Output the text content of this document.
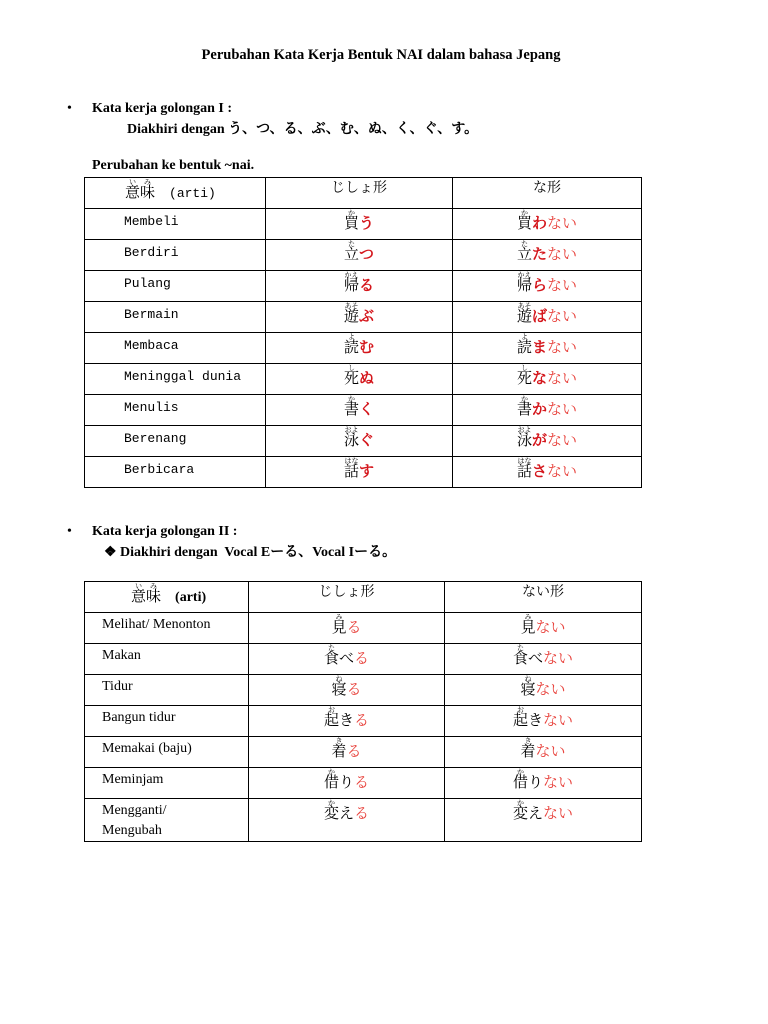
Perubahan Kata Kerja Bentuk NAI dalam bahasa Jepang
• Kata kerja golongan I :
Diakhiri dengan う、つ、る、ぶ、む、ぬ、く、ぐ、す。
Perubahan ke bentuk ~nai.
意い味み(arti)	じしょ形	な形
Membeli	買かう	買かわない
Berdiri	立たつ	立たたない
Pulang	帰かえる	帰かえらない
Bermain	遊あそぶ	遊あそばない
Membaca	読よむ	読よまない
Meninggal dunia	死しぬ	死しなない
Menulis	書かく	書かかない
Berenang	泳およぐ	泳およがない
Berbicara	話はなす	話はなさない
• Kata kerja golongan II :
❖ Diakhiri dengan  Vocal Eーる、Vocal Iーる。
意い味み(arti)	じしょ形	ない形
Melihat/ Menonton	見みる	見みない
Makan	食たべる	食たべない
Tidur	寝ねる	寝ねない
Bangun tidur	起おきる	起おきない
Memakai (baju)	着きる	着きない
Meminjam	借かりる	借かりない
Mengganti/
Mengubah	変かえる	変かえない
